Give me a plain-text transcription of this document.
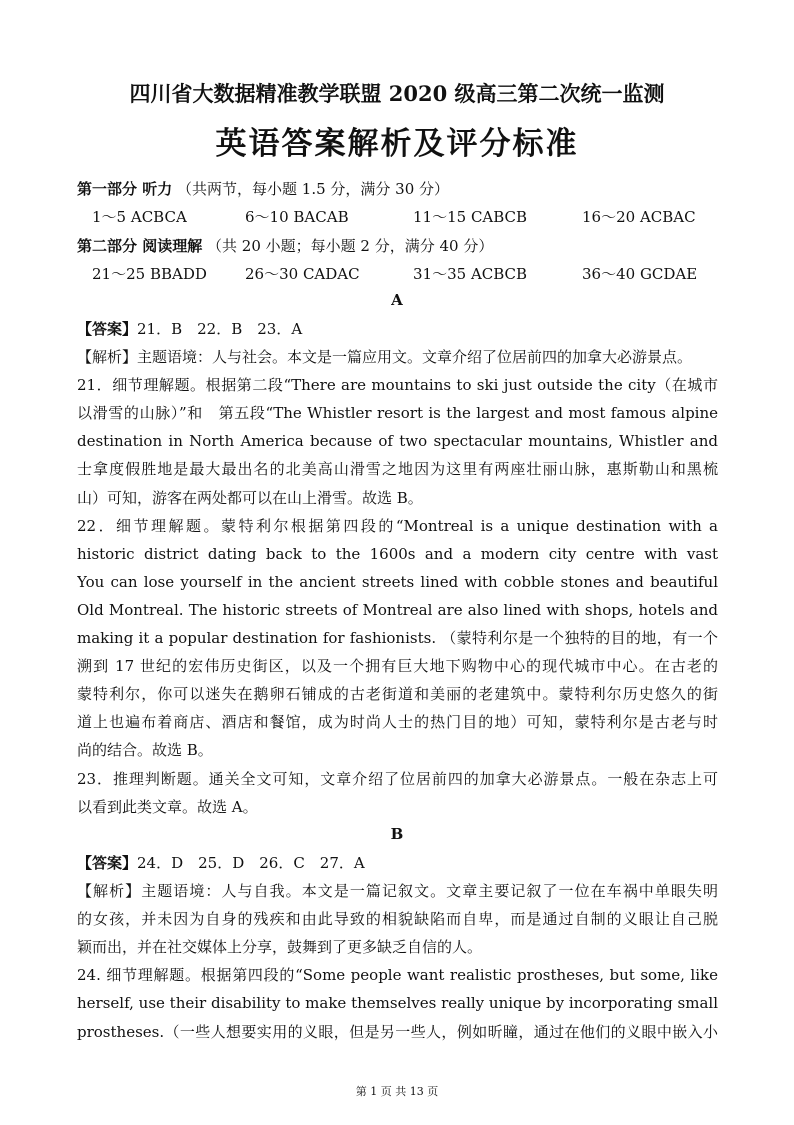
四川省大数据精准教学联盟 2020 级高三第二次统一监测
英语答案解析及评分标准
第一部分 听力 （共两节，每小题 1.5 分，满分 30 分）
1～5 ACBCA	6～10 BACAB	11～15 CABCB	16～20 ACBAC
第二部分 阅读理解 （共 20 小题；每小题 2 分，满分 40 分）
21～25 BBADD	26～30 CADAC	31～35 ACBCB	36～40 GCDAE
A
【答案】21．B　22．B　23．A
【解析】主题语境：人与社会。本文是一篇应用文。文章介绍了位居前四的加拿大必游景点。
21．细节理解题。根据第二段“There are mountains to ski just outside the city（在城市
以滑雪的山脉）”和　第五段“The Whistler resort is the largest and most famous alpine
destination in North America because of two spectacular mountains, Whistler and
士拿度假胜地是最大最出名的北美高山滑雪之地因为这里有两座壮丽山脉，惠斯勒山和黑梳
山）可知，游客在两处都可以在山上滑雪。故选 B。
22．细节理解题。蒙特利尔根据第四段的“Montreal is a unique destination with a
historic district dating back to the 1600s and a modern city centre with vast
You can lose yourself in the ancient streets lined with cobble stones and beautiful
Old Montreal. The historic streets of Montreal are also lined with shops, hotels and
making it a popular destination for fashionists. （蒙特利尔是一个独特的目的地，有一个
溯到 17 世纪的宏伟历史街区，以及一个拥有巨大地下购物中心的现代城市中心。在古老的
蒙特利尔，你可以迷失在鹅卵石铺成的古老街道和美丽的老建筑中。蒙特利尔历史悠久的街
道上也遍布着商店、酒店和餐馆，成为时尚人士的热门目的地）可知，蒙特利尔是古老与时
尚的结合。故选 B。
23．推理判断题。通关全文可知，文章介绍了位居前四的加拿大必游景点。一般在杂志上可
以看到此类文章。故选 A。
B
【答案】24．D　25．D　26．C　27．A
【解析】主题语境：人与自我。本文是一篇记叙文。文章主要记叙了一位在车祸中单眼失明
的女孩，并未因为自身的残疾和由此导致的相貌缺陷而自卑，而是通过自制的义眼让自己脱
颖而出，并在社交媒体上分享，鼓舞到了更多缺乏自信的人。
24. 细节理解题。根据第四段的“Some people want realistic prostheses, but some, like
herself, use their disability to make themselves really unique by incorporating small
prostheses.（一些人想要实用的义眼，但是另一些人，例如昕瞳，通过在他们的义眼中嵌入小
第 1 页 共 13 页
